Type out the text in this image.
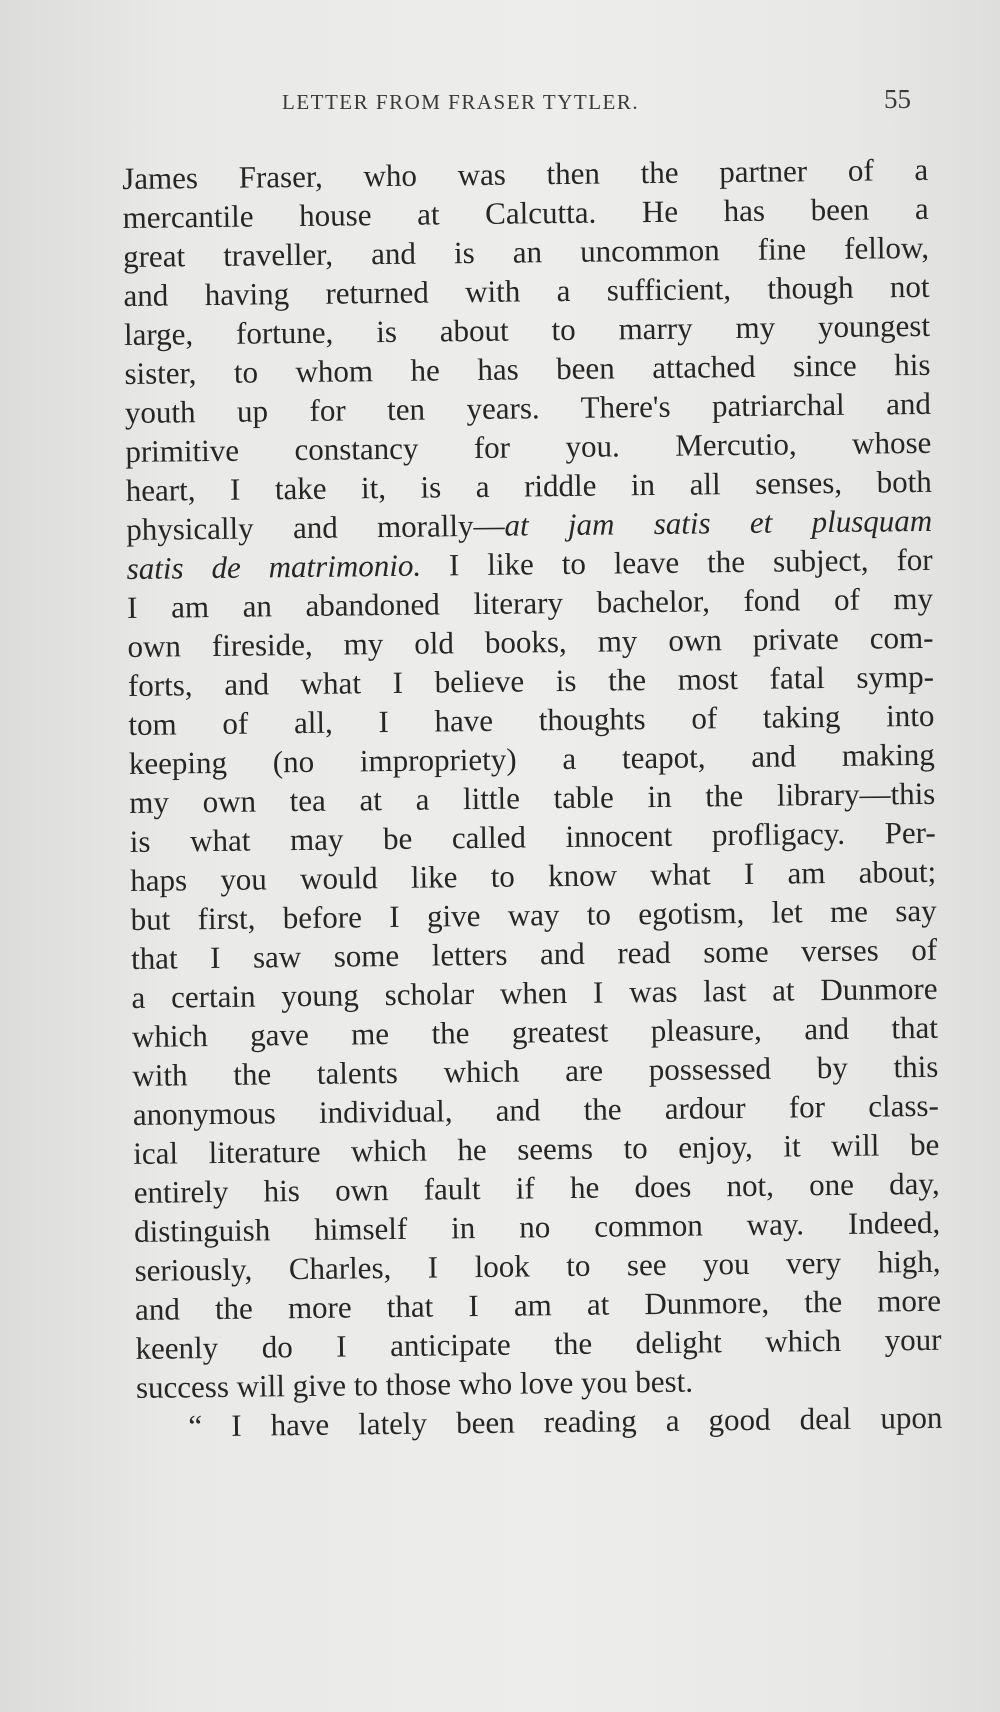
LETTER FROM FRASER TYTLER.	55
James Fraser, who was then the partner of a
mercantile house at Calcutta. He has been a
great traveller, and is an uncommon fine fellow,
and having returned with a sufficient, though not
large, fortune, is about to marry my youngest
sister, to whom he has been attached since his
youth up for ten years. There's patriarchal and
primitive constancy for you. Mercutio, whose
heart, I take it, is a riddle in all senses, both
physically and morally—at jam satis et plusquam
satis de matrimonio. I like to leave the subject, for
I am an abandoned literary bachelor, fond of my
own fireside, my old books, my own private com-
forts, and what I believe is the most fatal symp-
tom of all, I have thoughts of taking into
keeping (no impropriety) a teapot, and making
my own tea at a little table in the library—this
is what may be called innocent profligacy. Per-
haps you would like to know what I am about;
but first, before I give way to egotism, let me say
that I saw some letters and read some verses of
a certain young scholar when I was last at Dunmore
which gave me the greatest pleasure, and that
with the talents which are possessed by this
anonymous individual, and the ardour for class-
ical literature which he seems to enjoy, it will be
entirely his own fault if he does not, one day,
distinguish himself in no common way. Indeed,
seriously, Charles, I look to see you very high,
and the more that I am at Dunmore, the more
keenly do I anticipate the delight which your
success will give to those who love you best.
“ I have lately been reading a good deal upon
